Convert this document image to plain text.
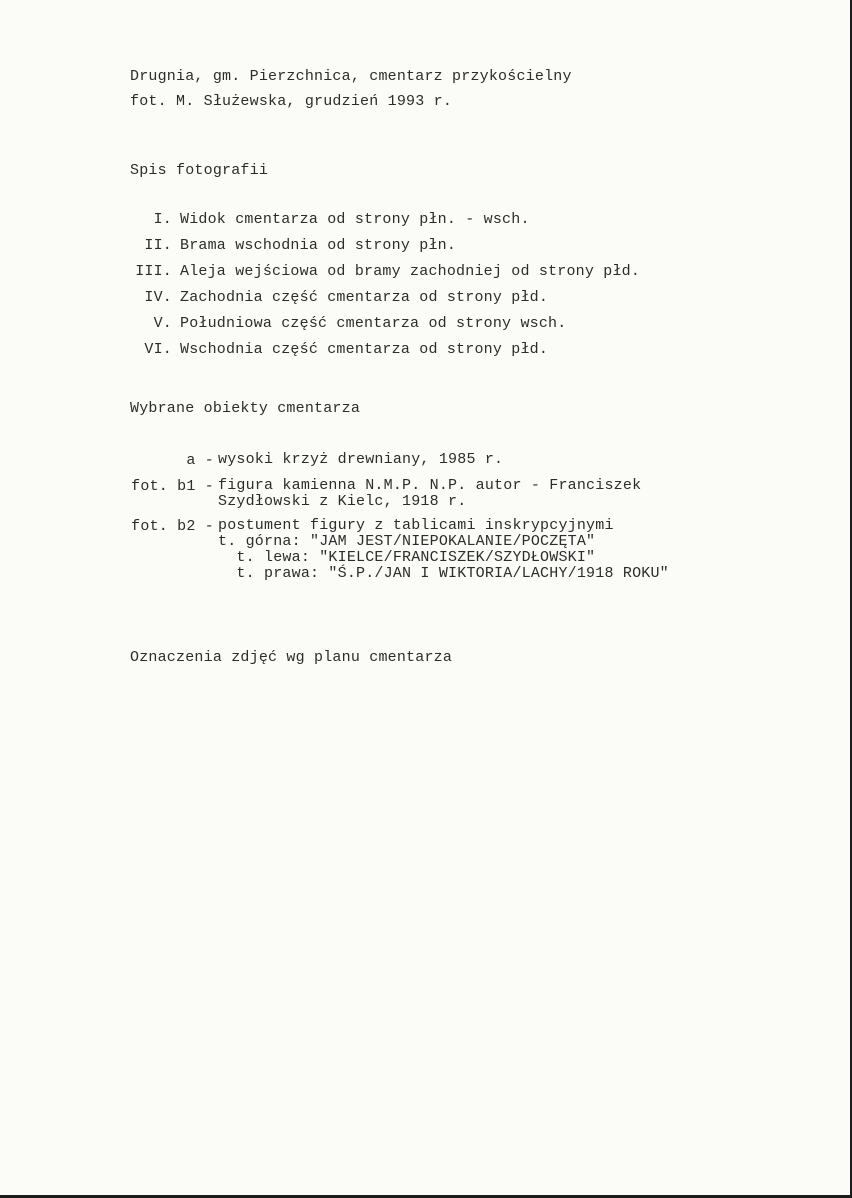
Drugnia, gm. Pierzchnica, cmentarz przykościelny
fot. M. Służewska, grudzień 1993 r.
Spis fotografii
I. Widok cmentarza od strony płn. - wsch.
II. Brama wschodnia od strony płn.
III. Aleja wejściowa od bramy zachodniej od strony płd.
IV. Zachodnia część cmentarza od strony płd.
V. Południowa część cmentarza od strony wsch.
VI. Wschodnia część cmentarza od strony płd.
Wybrane obiekty cmentarza
a - wysoki krzyż drewniany, 1985 r.
fot. b1 - figura kamienna N.M.P. N.P. autor - Franciszek
Szydłowski z Kielc, 1918 r.
fot. b2 - postument figury z tablicami inskrypcyjnymi
t. górna: "JAM JEST/NIEPOKALANIE/POCZĘTA"
t. lewa: "KIELCE/FRANCISZEK/SZYDŁOWSKI"
t. prawa: "Ś.P./JAN I WIKTORIA/LACHY/1918 ROKU"
Oznaczenia zdjęć wg planu cmentarza
